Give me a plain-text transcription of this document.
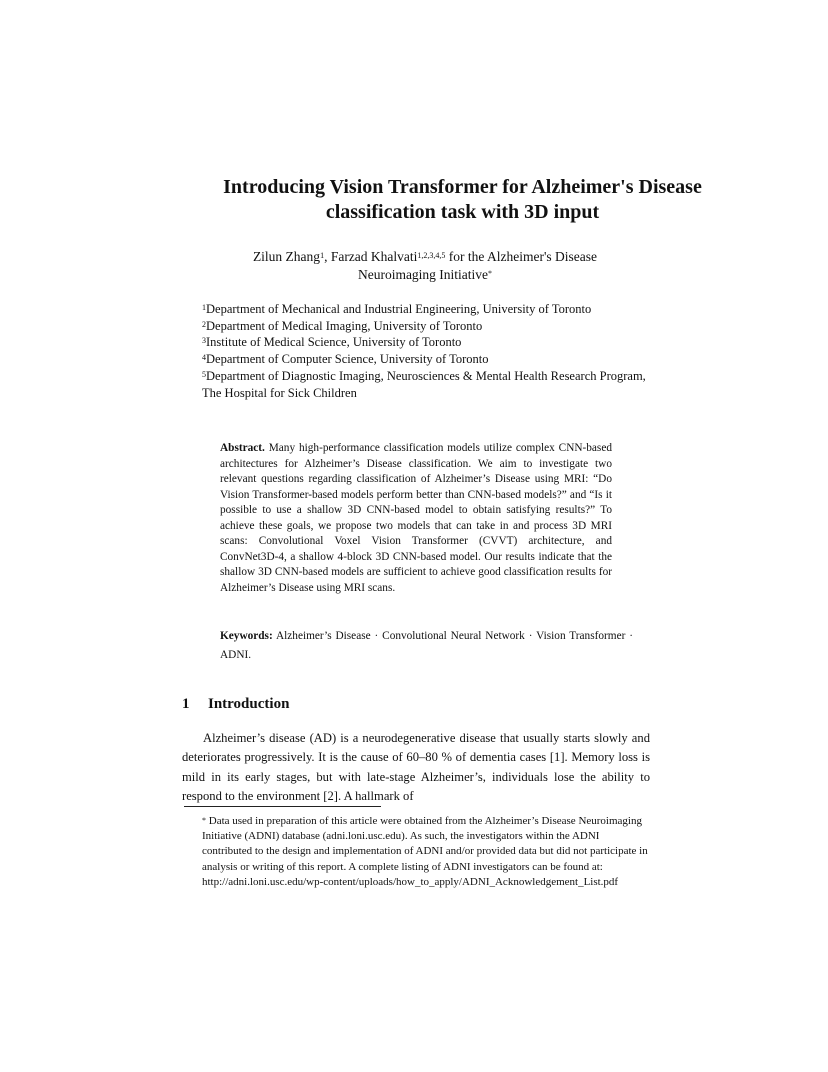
Introducing Vision Transformer for Alzheimer's Disease
classification task with 3D input
Zilun Zhang$^1$, Farzad Khalvati$^{1,2,3,4,5}$ for the Alzheimer's Disease
Neuroimaging Initiative*
$^1$Department of Mechanical and Industrial Engineering, University of Toronto
$^2$Department of Medical Imaging, University of Toronto
$^3$Institute of Medical Science, University of Toronto
$^4$Department of Computer Science, University of Toronto
$^5$Department of Diagnostic Imaging, Neurosciences & Mental Health Research Program, The Hospital for Sick Children
Abstract. Many high-performance classification models utilize complex CNN-based architectures for Alzheimer’s Disease classification. We aim to investigate two relevant questions regarding classification of Alzheimer’s Disease using MRI: “Do Vision Transformer-based models perform better than CNN-based models?” and “Is it possible to use a shallow 3D CNN-based model to obtain satisfying results?” To achieve these goals, we propose two models that can take in and process 3D MRI scans: Convolutional Voxel Vision Transformer (CVVT) architecture, and ConvNet3D-4, a shallow 4-block 3D CNN-based model. Our results indicate that the shallow 3D CNN-based models are sufficient to achieve good classification results for Alzheimer’s Disease using MRI scans.
Keywords: Alzheimer’s Disease · Convolutional Neural Network · Vision Transformer · ADNI.
1 Introduction
Alzheimer’s disease (AD) is a neurodegenerative disease that usually starts slowly and deteriorates progressively. It is the cause of 60–80 % of dementia cases [1]. Memory loss is mild in its early stages, but with late-stage Alzheimer’s, individuals lose the ability to respond to the environment [2]. A hallmark of
* Data used in preparation of this article were obtained from the Alzheimer’s Disease Neuroimaging Initiative (ADNI) database (adni.loni.usc.edu). As such, the investigators within the ADNI contributed to the design and implementation of ADNI and/or provided data but did not participate in analysis or writing of this report. A complete listing of ADNI investigators can be found at: http://adni.loni.usc.edu/wp-content/uploads/how_to_apply/ADNI_Acknowledgement_List.pdf
